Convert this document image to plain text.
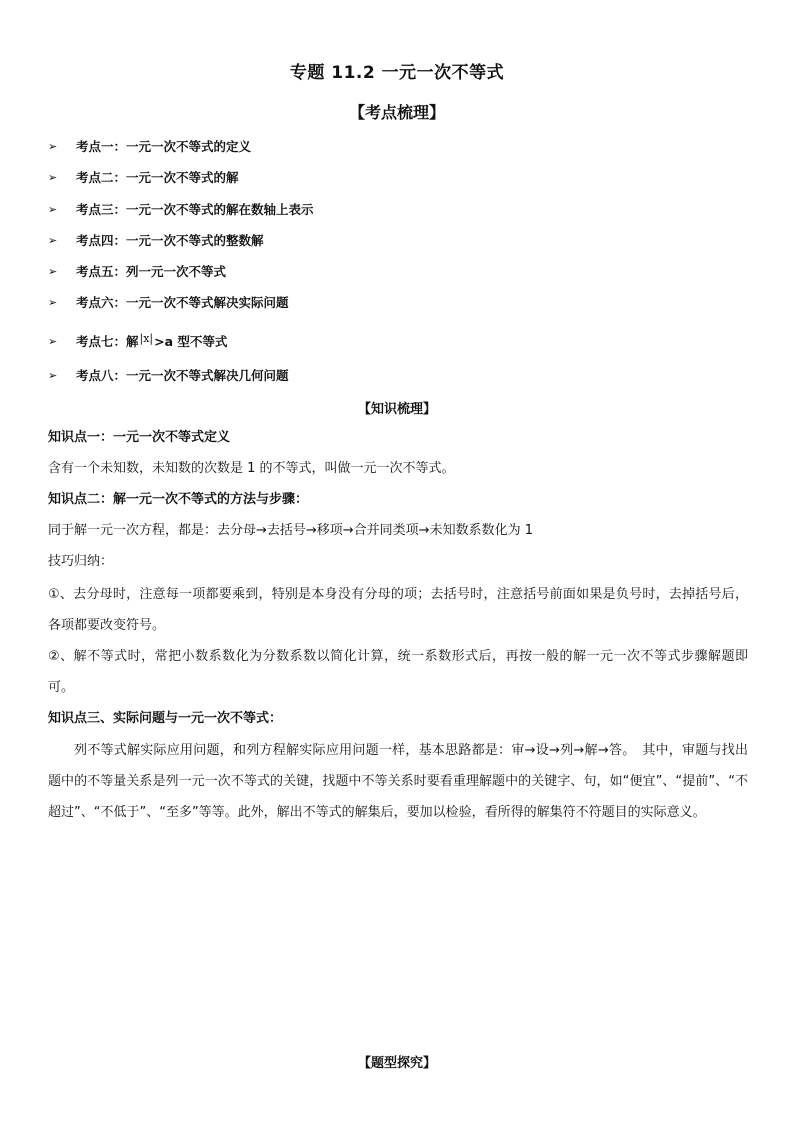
专题 11.2 一元一次不等式
【考点梳理】
➢	考点一：一元一次不等式的定义
➢	考点二：一元一次不等式的解
➢	考点三：一元一次不等式的解在数轴上表示
➢	考点四：一元一次不等式的整数解
➢	考点五：列一元一次不等式
➢	考点六：一元一次不等式解决实际问题
➢	考点七：解|x|>a 型不等式
➢	考点八：一元一次不等式解决几何问题
【知识梳理】
知识点一：一元一次不等式定义
含有一个未知数，未知数的次数是 1 的不等式，叫做一元一次不等式。
知识点二：解一元一次不等式的方法与步骤：
同于解一元一次方程，都是：去分母→去括号→移项→合并同类项→未知数系数化为 1
技巧归纳：
①、去分母时，注意每一项都要乘到，特别是本身没有分母的项；去括号时，注意括号前面如果是负号时，去掉括号后，各项都要改变符号。
②、解不等式时，常把小数系数化为分数系数以简化计算，统一系数形式后，再按一般的解一元一次不等式步骤解题即可。
知识点三、实际问题与一元一次不等式：
列不等式解实际应用问题，和列方程解实际应用问题一样，基本思路都是：审→设→列→解→答。　其中，审题与找出题中的不等量关系是列一元一次不等式的关键，找题中不等关系时要看重理解题中的关键字、句，如“便宜”、“提前”、“不超过”、“不低于”、“至多”等等。此外，解出不等式的解集后，要加以检验，看所得的解集符不符题目的实际意义。
【题型探究】
